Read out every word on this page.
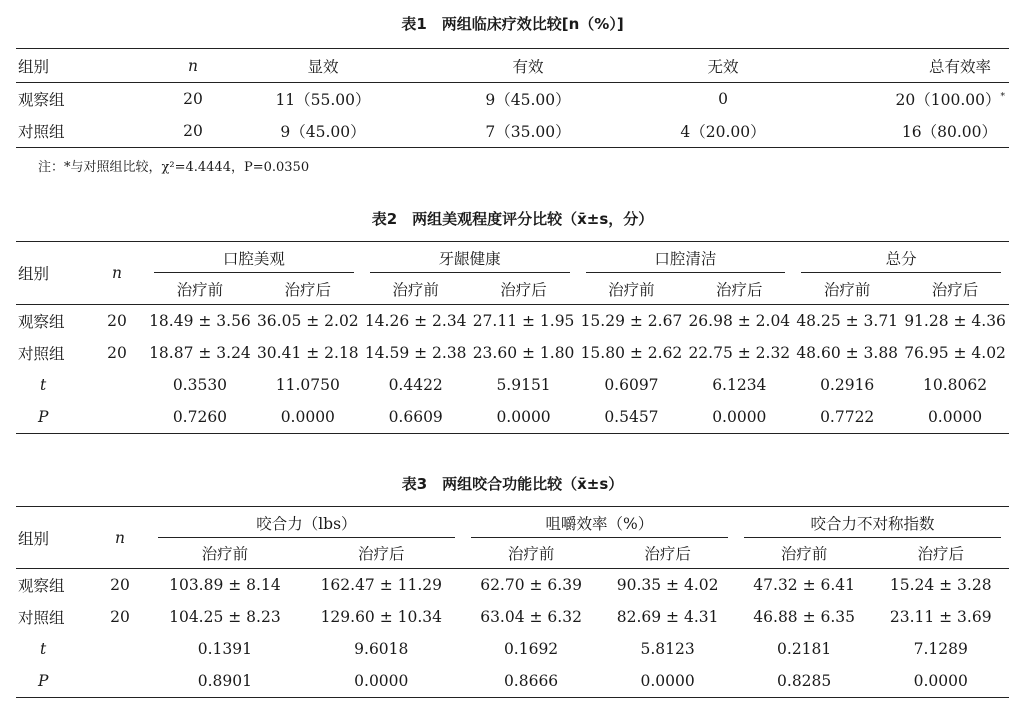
表1　两组临床疗效比较[n（%）]
组别	n	显效	有效	无效	总有效率
观察组	20	11（55.00）	9（45.00）	0	20（100.00）*
对照组	20	9（45.00）	7（35.00）	4（20.00）	16（80.00）
注：*与对照组比较，χ²=4.4444，P=0.0350
表2　两组美观程度评分比较（x̄±s，分）
组别	n	口腔美观		牙龈健康		口腔清洁		总分	

		治疗前	治疗后	治疗前	治疗后	治疗前	治疗后	治疗前	治疗后
观察组	20	18.49 ± 3.56	36.05 ± 2.02	14.26 ± 2.34	27.11 ± 1.95	15.29 ± 2.67	26.98 ± 2.04	48.25 ± 3.71	91.28 ± 4.36
对照组	20	18.87 ± 3.24	30.41 ± 2.18	14.59 ± 2.38	23.60 ± 1.80	15.80 ± 2.62	22.75 ± 2.32	48.60 ± 3.88	76.95 ± 4.02
t		0.3530	11.0750	0.4422	5.9151	0.6097	6.1234	0.2916	10.8062
P		0.7260	0.0000	0.6609	0.0000	0.5457	0.0000	0.7722	0.0000
表3　两组咬合功能比较（x̄±s）
组别	n	咬合力（lbs）		咀嚼效率（%）		咬合力不对称指数	

		治疗前	治疗后	治疗前	治疗后	治疗前	治疗后
观察组	20	103.89 ± 8.14	162.47 ± 11.29	62.70 ± 6.39	90.35 ± 4.02	47.32 ± 6.41	15.24 ± 3.28
对照组	20	104.25 ± 8.23	129.60 ± 10.34	63.04 ± 6.32	82.69 ± 4.31	46.88 ± 6.35	23.11 ± 3.69
t		0.1391	9.6018	0.1692	5.8123	0.2181	7.1289
P		0.8901	0.0000	0.8666	0.0000	0.8285	0.0000
